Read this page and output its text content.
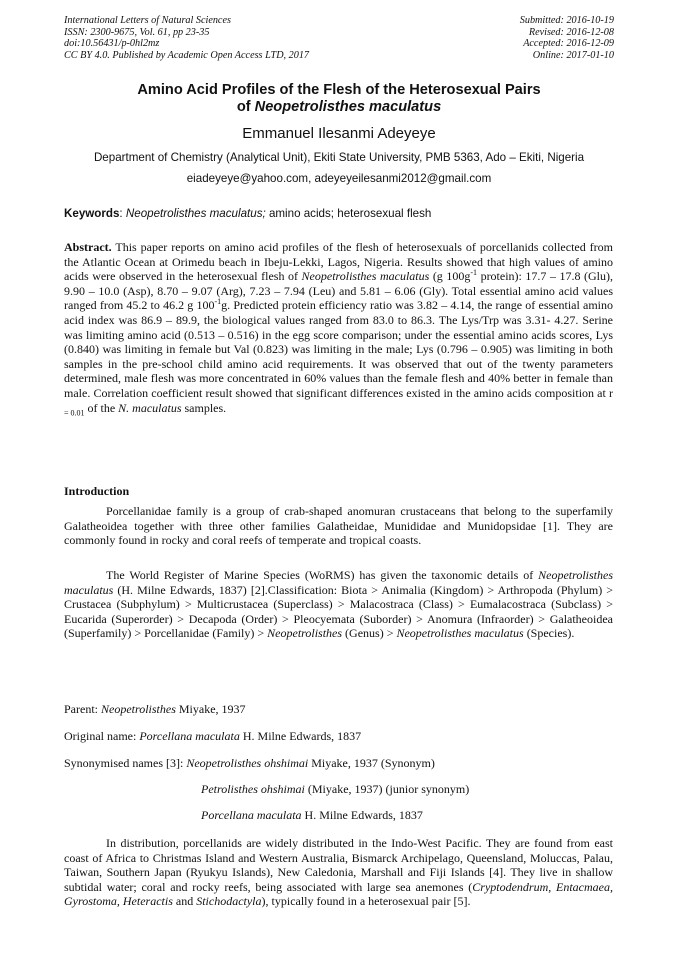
International Letters of Natural Sciences
ISSN: 2300-9675, Vol. 61, pp 23-35
doi:10.56431/p-0hl2mz
CC BY 4.0. Published by Academic Open Access LTD, 2017
Submitted: 2016-10-19
Revised: 2016-12-08
Accepted: 2016-12-09
Online: 2017-01-10
Amino Acid Profiles of the Flesh of the Heterosexual Pairs
of Neopetrolisthes maculatus
Emmanuel Ilesanmi Adeyeye
Department of Chemistry (Analytical Unit), Ekiti State University, PMB 5363, Ado – Ekiti, Nigeria
eiadeyeye@yahoo.com, adeyeyeilesanmi2012@gmail.com
Keywords: Neopetrolisthes maculatus; amino acids; heterosexual flesh
Abstract. This paper reports on amino acid profiles of the flesh of heterosexuals of porcellanids collected from the Atlantic Ocean at Orimedu beach in Ibeju-Lekki, Lagos, Nigeria. Results showed that high values of amino acids were observed in the heterosexual flesh of Neopetrolisthes maculatus (g $100g^{-1}$ protein): 17.7 – 17.8 (Glu), 9.90 – 10.0 (Asp), 8.70 – 9.07 (Arg), 7.23 – 7.94 (Leu) and 5.81 – 6.06 (Gly). Total essential amino acid values ranged from 45.2 to 46.2 g $100^{-1}g$. Predicted protein efficiency ratio was 3.82 – 4.14, the range of essential amino acid index was 86.9 – 89.9, the biological values ranged from 83.0 to 86.3. The Lys/Trp was 3.31- 4.27. Serine was limiting amino acid (0.513 – 0.516) in the egg score comparison; under the essential amino acids scores, Lys (0.840) was limiting in female but Val (0.823) was limiting in the male; Lys (0.796 – 0.905) was limiting in both samples in the pre-school child amino acid requirements. It was observed that out of the twenty parameters determined, male flesh was more concentrated in 60% values than the female flesh and 40% better in female than male. Correlation coefficient result showed that significant differences existed in the amino acids composition at r $_{= 0.01}$ of the N. maculatus samples.
Introduction
Porcellanidae family is a group of crab-shaped anomuran crustaceans that belong to the superfamily Galatheoidea together with three other families Galatheidae, Munididae and Munidopsidae [1]. They are commonly found in rocky and coral reefs of temperate and tropical coasts.
The World Register of Marine Species (WoRMS) has given the taxonomic details of Neopetrolisthes maculatus (H. Milne Edwards, 1837) [2].Classification: Biota > Animalia (Kingdom) > Arthropoda (Phylum) > Crustacea (Subphylum) > Multicrustacea (Superclass) > Malacostraca (Class) > Eumalacostraca (Subclass) > Eucarida (Superorder) > Decapoda (Order) > Pleocyemata (Suborder) > Anomura (Infraorder) > Galatheoidea (Superfamily) > Porcellanidae (Family) > Neopetrolisthes (Genus) > Neopetrolisthes maculatus (Species).
Parent: Neopetrolisthes Miyake, 1937
Original name: Porcellana maculata H. Milne Edwards, 1837
Synonymised names [3]: Neopetrolisthes ohshimai Miyake, 1937 (Synonym)
Petrolisthes ohshimai (Miyake, 1937) (junior synonym)
Porcellana maculata H. Milne Edwards, 1837
In distribution, porcellanids are widely distributed in the Indo-West Pacific. They are found from east coast of Africa to Christmas Island and Western Australia, Bismarck Archipelago, Queensland, Moluccas, Palau, Taiwan, Southern Japan (Ryukyu Islands), New Caledonia, Marshall and Fiji Islands [4]. They live in shallow subtidal water; coral and rocky reefs, being associated with large sea anemones (Cryptodendrum, Entacmaea, Gyrostoma, Heteractis and Stichodactyla), typically found in a heterosexual pair [5].
